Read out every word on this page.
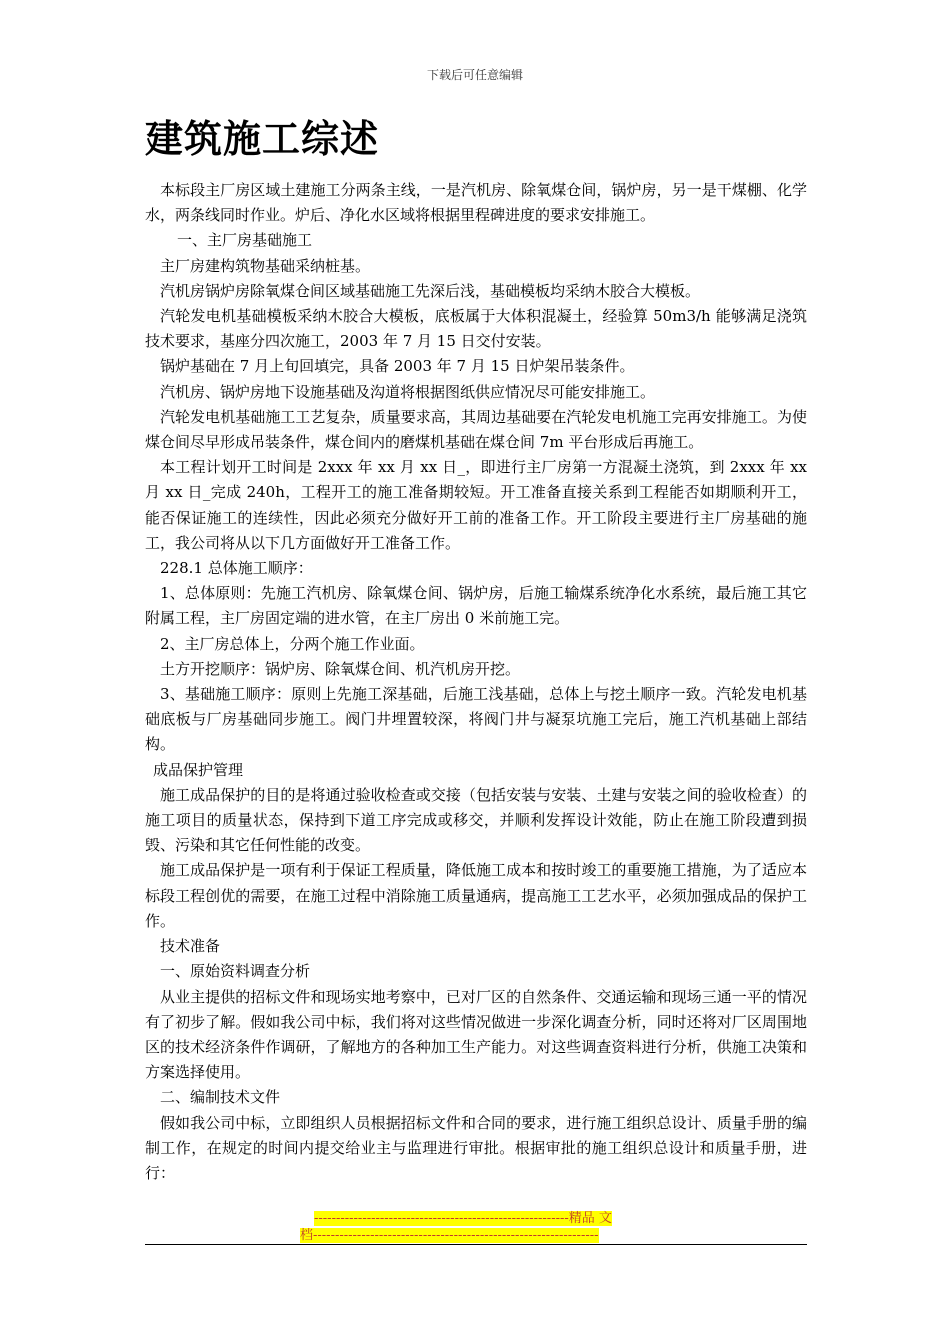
下载后可任意编辑
建筑施工综述

本标段主厂房区域土建施工分两条主线，一是汽机房、除氧煤仓间，锅炉房，另一是干煤棚、化学水，两条线同时作业。炉后、净化水区域将根据里程碑进度的要求安排施工。

一、主厂房基础施工

主厂房建构筑物基础采纳桩基。

汽机房锅炉房除氧煤仓间区域基础施工先深后浅，基础模板均采纳木胶合大模板。

汽轮发电机基础模板采纳木胶合大模板，底板属于大体积混凝土，经验算 50m3/h 能够满足浇筑技术要求，基座分四次施工，2003 年 7 月 15 日交付安装。

锅炉基础在 7 月上旬回填完，具备 2003 年 7 月 15 日炉架吊装条件。

汽机房、锅炉房地下设施基础及沟道将根据图纸供应情况尽可能安排施工。

汽轮发电机基础施工工艺复杂，质量要求高，其周边基础要在汽轮发电机施工完再安排施工。为使煤仓间尽早形成吊装条件，煤仓间内的磨煤机基础在煤仓间 7m 平台形成后再施工。

本工程计划开工时间是 2xxx 年 xx 月 xx 日_，即进行主厂房第一方混凝土浇筑，到 2xxx 年 xx 月 xx 日_完成 240h，工程开工的施工准备期较短。开工准备直接关系到工程能否如期顺利开工，能否保证施工的连续性，因此必须充分做好开工前的准备工作。开工阶段主要进行主厂房基础的施工，我公司将从以下几方面做好开工准备工作。

228.1 总体施工顺序：

1、总体原则：先施工汽机房、除氧煤仓间、锅炉房，后施工输煤系统净化水系统，最后施工其它附属工程，主厂房固定端的进水管，在主厂房出 0 米前施工完。

2、主厂房总体上，分两个施工作业面。

土方开挖顺序：锅炉房、除氧煤仓间、机汽机房开挖。

3、基础施工顺序：原则上先施工深基础，后施工浅基础，总体上与挖土顺序一致。汽轮发电机基础底板与厂房基础同步施工。阀门井埋置较深，将阀门井与凝泵坑施工完后，施工汽机基础上部结构。

成品保护管理

施工成品保护的目的是将通过验收检查或交接（包括安装与安装、土建与安装之间的验收检查）的施工项目的质量状态，保持到下道工序完成或移交，并顺利发挥设计效能，防止在施工阶段遭到损毁、污染和其它任何性能的改变。

施工成品保护是一项有利于保证工程质量，降低施工成本和按时竣工的重要施工措施，为了适应本标段工程创优的需要，在施工过程中消除施工质量通病，提高施工工艺水平，必须加强成品的保护工作。

技术准备

一、原始资料调查分析

从业主提供的招标文件和现场实地考察中，已对厂区的自然条件、交通运输和现场三通一平的情况有了初步了解。假如我公司中标，我们将对这些情况做进一步深化调查分析，同时还将对厂区周围地区的技术经济条件作调研，了解地方的各种加工生产能力。对这些调查资料进行分析，供施工决策和方案选择使用。

二、编制技术文件

假如我公司中标，立即组织人员根据招标文件和合同的要求，进行施工组织总设计、质量手册的编制工作，在规定的时间内提交给业主与监理进行审批。根据审批的施工组织总设计和质量手册，进行：

----------------------------------------------------------精品 文
档-----------------------------------------------------------------
